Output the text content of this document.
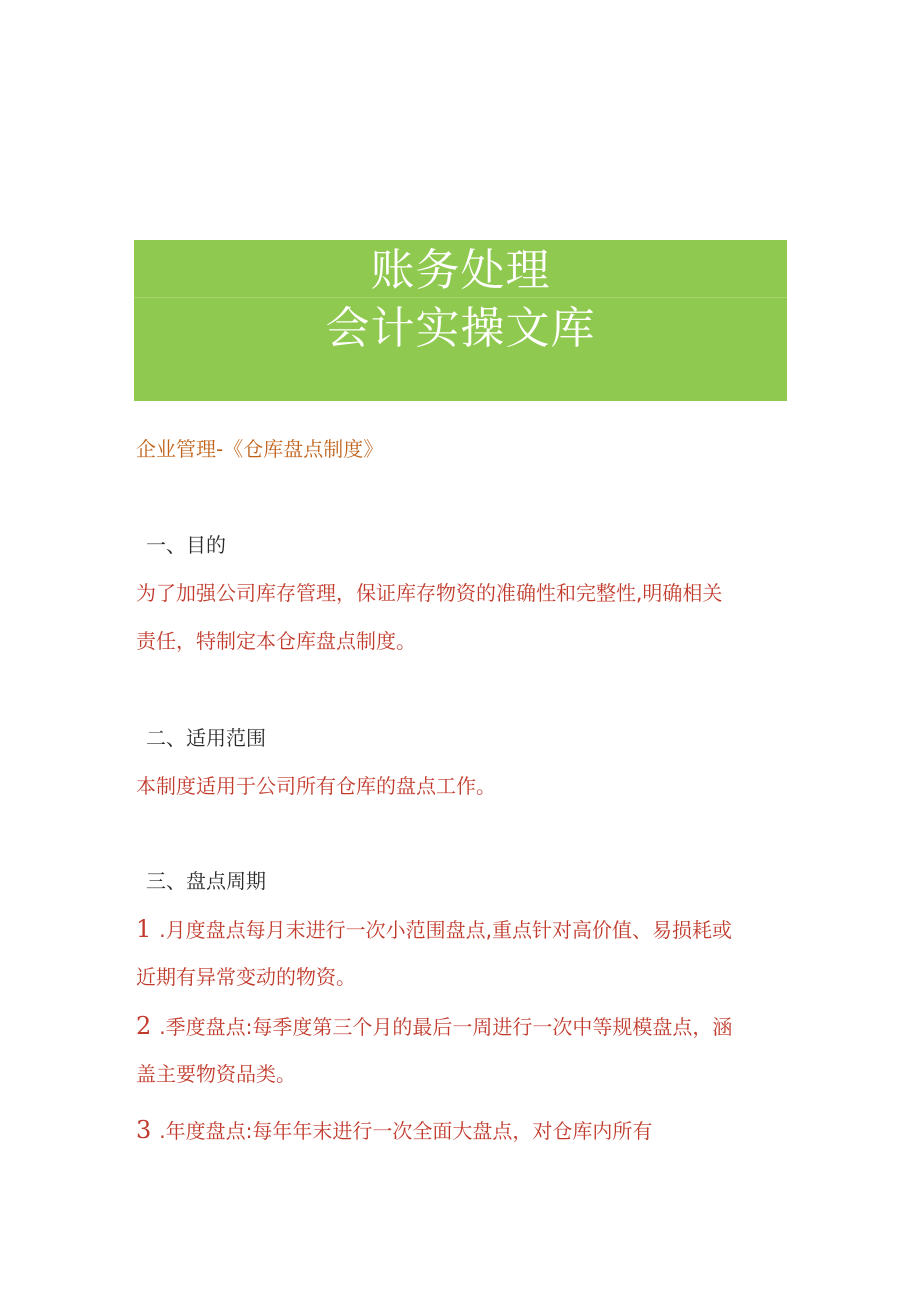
账务处理
会计实操文库
企业管理-《仓库盘点制度》
一、目的
为了加强公司库存管理，保证库存物资的准确性和完整性,明确相关
责任，特制定本仓库盘点制度。
二、适用范围
本制度适用于公司所有仓库的盘点工作。
三、盘点周期
1 .月度盘点每月末进行一次小范围盘点,重点针对高价值、易损耗或
近期有异常变动的物资。
2 .季度盘点:每季度第三个月的最后一周进行一次中等规模盘点，涵
盖主要物资品类。
3 .年度盘点:每年年末进行一次全面大盘点，对仓库内所有
